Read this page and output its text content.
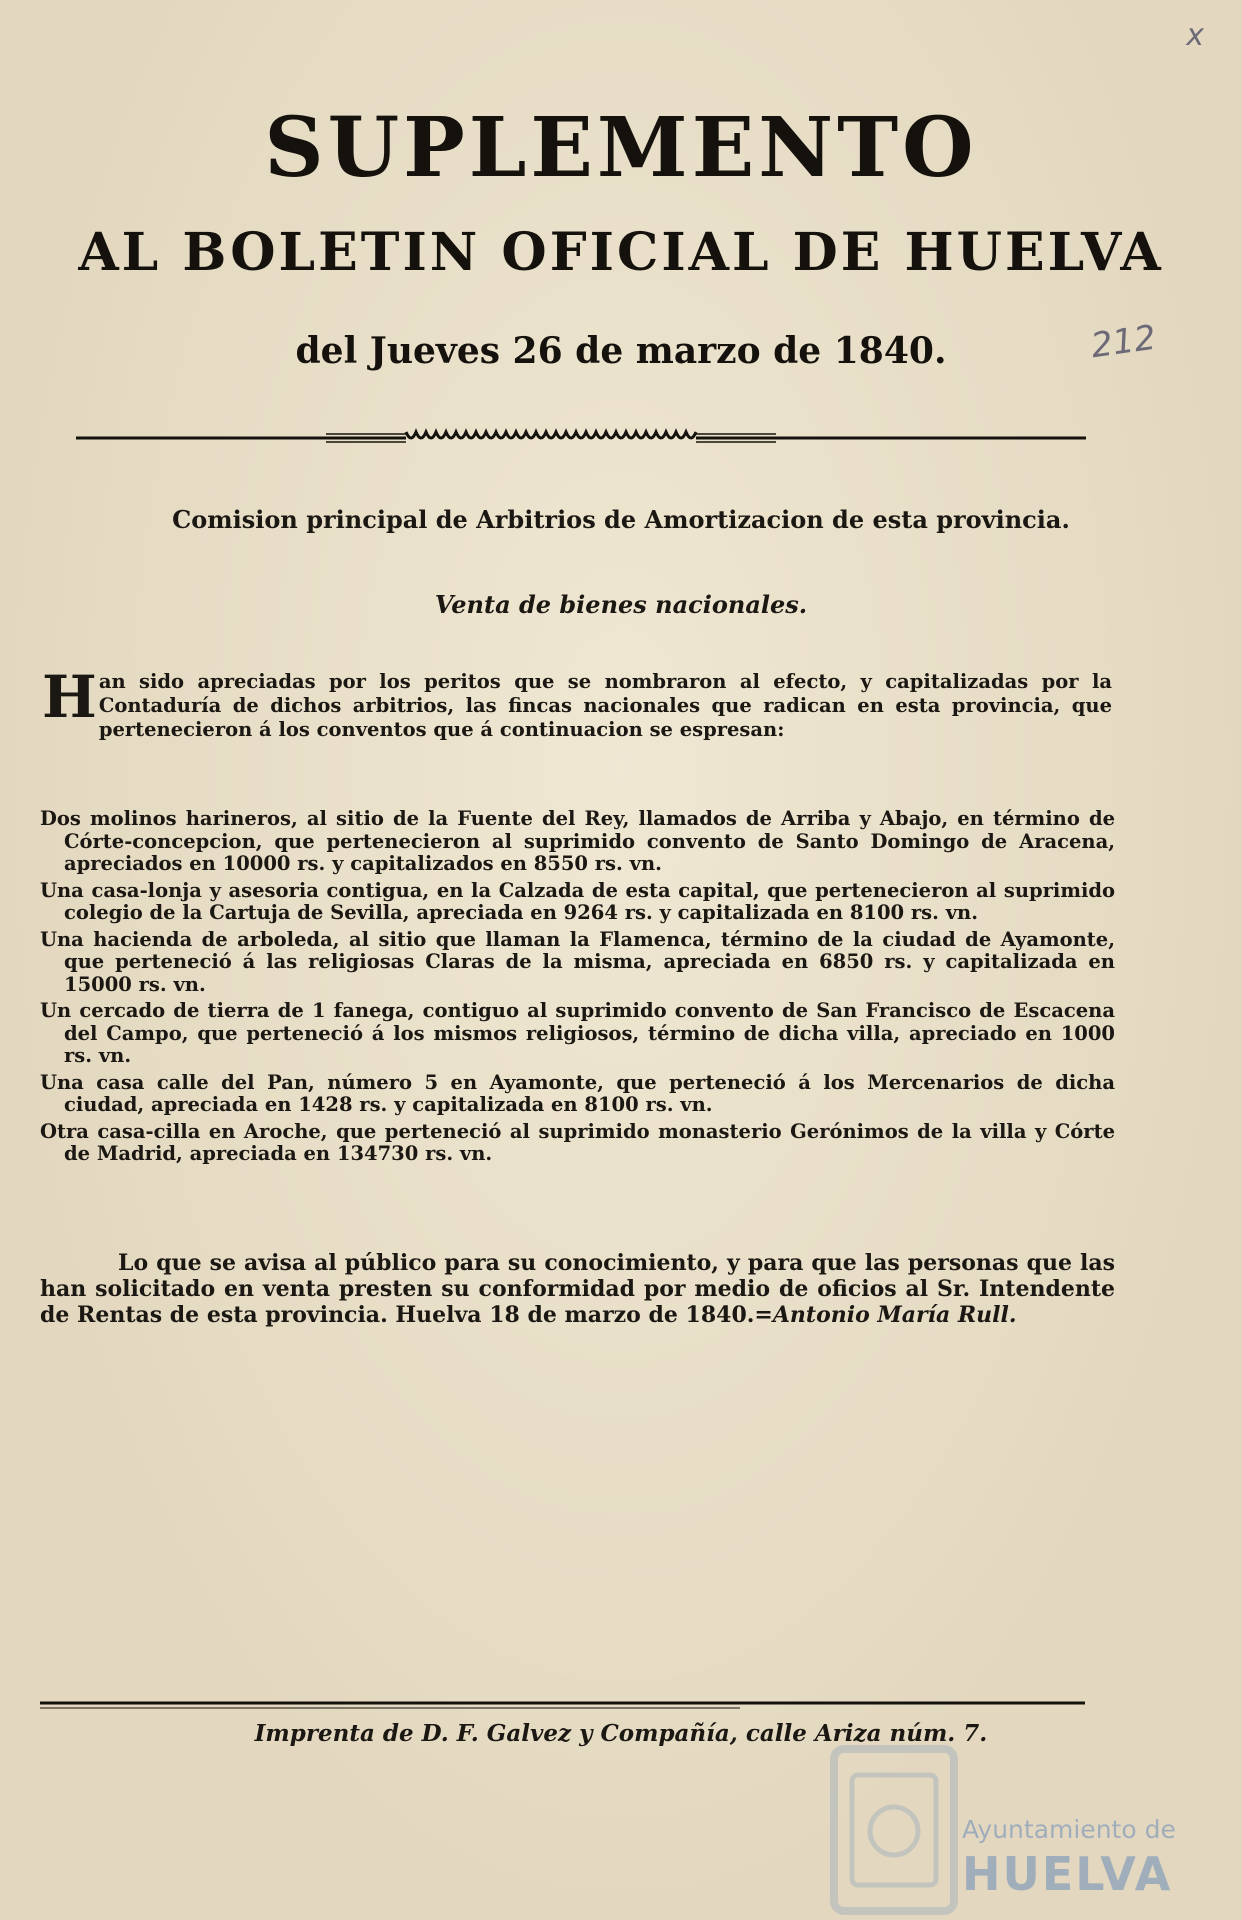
x
212
SUPLEMENTO
AL BOLETIN OFICIAL DE HUELVA
del Jueves 26 de marzo de 1840.
Comision principal de Arbitrios de Amortizacion de esta provincia.
Venta de bienes nacionales.
Han sido apreciadas por los peritos que se nombraron al efecto, y capitalizadas por la Contaduría de dichos arbitrios, las fincas nacionales que radican en esta provincia, que pertenecieron á los conventos que á continuacion se espresan:

Dos molinos harineros, al sitio de la Fuente del Rey, llamados de Arriba y Abajo, en término de Córte-concepcion, que pertenecieron al suprimido convento de Santo Domingo de Aracena, apreciados en 10000 rs. y capitalizados en 8550 rs. vn.

Una casa-lonja y asesoria contigua, en la Calzada de esta capital, que pertenecieron al suprimido colegio de la Cartuja de Sevilla, apreciada en 9264 rs. y capitalizada en 8100 rs. vn.

Una hacienda de arboleda, al sitio que llaman la Flamenca, término de la ciudad de Ayamonte, que perteneció á las religiosas Claras de la misma, apreciada en 6850 rs. y capitalizada en 15000 rs. vn.

Un cercado de tierra de 1 fanega, contiguo al suprimido convento de San Francisco de Escacena del Campo, que perteneció á los mismos religiosos, término de dicha villa, apreciado en 1000 rs. vn.

Una casa calle del Pan, número 5 en Ayamonte, que perteneció á los Mercenarios de dicha ciudad, apreciada en 1428 rs. y capitalizada en 8100 rs. vn.

Otra casa-cilla en Aroche, que perteneció al suprimido monasterio Gerónimos de la villa y Córte de Madrid, apreciada en 134730 rs. vn.

Lo que se avisa al público para su conocimiento, y para que las personas que las han solicitado en venta presten su conformidad por medio de oficios al Sr. Intendente de Rentas de esta provincia. Huelva 18 de marzo de 1840.=Antonio María Rull.
Imprenta de D. F. Galvez y Compañía, calle Ariza núm. 7.
Ayuntamiento de
HUELVA
